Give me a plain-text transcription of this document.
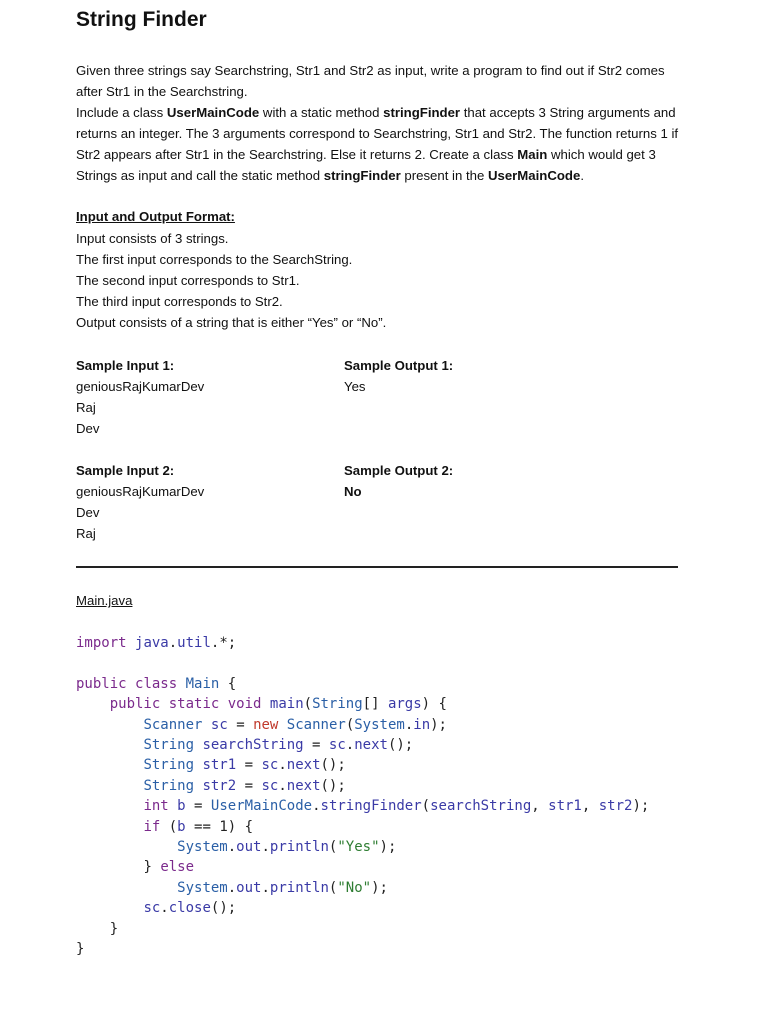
String Finder
Given three strings say Searchstring, Str1 and Str2 as input, write a program to find out if Str2 comes after Str1 in the Searchstring.
Include a class UserMainCode with a static method stringFinder that accepts 3 String arguments and returns an integer. The 3 arguments correspond to Searchstring, Str1 and Str2. The function returns 1 if Str2 appears after Str1 in the Searchstring. Else it returns 2. Create a class Main which would get 3 Strings as input and call the static method stringFinder present in the UserMainCode.
Input and Output Format:
Input consists of 3 strings.
The first input corresponds to the SearchString.
The second input corresponds to Str1.
The third input corresponds to Str2.
Output consists of a string that is either “Yes” or “No”.
Sample Input 1:
geniousRajKumarDev
Raj
Dev
Sample Output 1:
Yes
Sample Input 2:
geniousRajKumarDev
Dev
Raj
Sample Output 2:
No
Main.java
import java.util.*;

public class Main {
public static void main(String[] args) {
Scanner sc = new Scanner(System.in);
String searchString = sc.next();
String str1 = sc.next();
String str2 = sc.next();
int b = UserMainCode.stringFinder(searchString, str1, str2);
if (b == 1) {
System.out.println("Yes");
} else
System.out.println("No");
sc.close();
}
}
